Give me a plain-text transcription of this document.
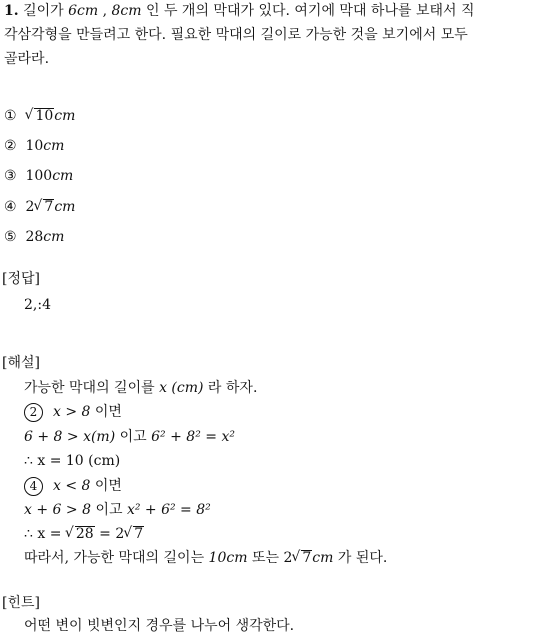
1. 길이가 6cm , 8cm 인 두 개의 막대가 있다. 여기에 막대 하나를 보태서 직
각삼각형을 만들려고 한다. 필요한 막대의 길이로 가능한 것을 보기에서 모두
골라라.
① √ 10cm
② 10cm
③ 100cm
④ 2 √ 7cm
⑤ 28cm
[정답]
2,:4
[해설]
가능한 막대의 길이를 x (cm) 라 하자.
2 x > 8 이면
6 + 8 > x(m) 이고 6² + 8² = x²
∴ x = 10 (cm)
4 x < 8 이면
x + 6 > 8 이고 x² + 6² = 8²
∴ x = √ 28 = 2 √ 7
따라서, 가능한 막대의 길이는 10cm 또는 2 √ 7cm 가 된다.
[힌트]
어떤 변이 빗변인지 경우를 나누어 생각한다.
